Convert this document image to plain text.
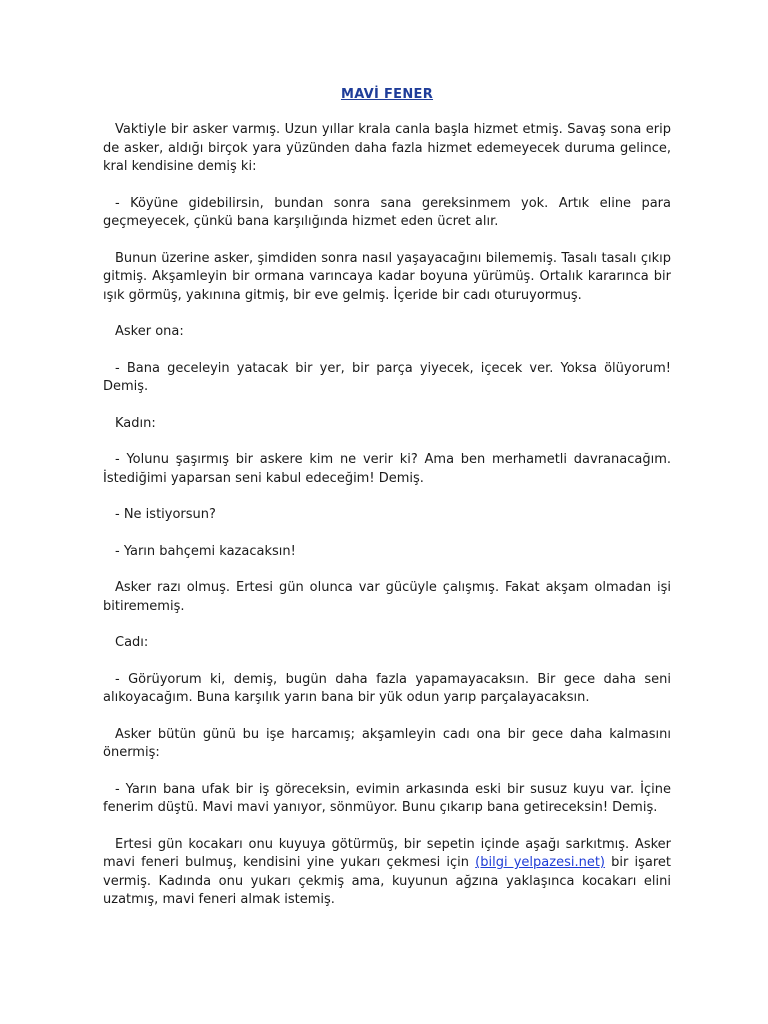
MAVİ FENER

Vaktiyle bir asker varmış. Uzun yıllar krala canla başla hizmet etmiş. Savaş sona erip de asker, aldığı birçok yara yüzünden daha fazla hizmet edemeyecek duruma gelince, kral kendisine demiş ki:

- Köyüne gidebilirsin, bundan sonra sana gereksinmem yok. Artık eline para geçmeyecek, çünkü bana karşılığında hizmet eden ücret alır.

Bunun üzerine asker, şimdiden sonra nasıl yaşayacağını bilememiş. Tasalı tasalı çıkıp gitmiş. Akşamleyin bir ormana varıncaya kadar boyuna yürümüş. Ortalık kararınca bir ışık görmüş, yakınına gitmiş, bir eve gelmiş. İçeride bir cadı oturuyormuş.

Asker ona:

- Bana geceleyin yatacak bir yer, bir parça yiyecek, içecek ver. Yoksa ölüyorum! Demiş.

Kadın:

- Yolunu şaşırmış bir askere kim ne verir ki? Ama ben merhametli davranacağım. İstediğimi yaparsan seni kabul edeceğim! Demiş.

- Ne istiyorsun?

- Yarın bahçemi kazacaksın!

Asker razı olmuş. Ertesi gün olunca var gücüyle çalışmış. Fakat akşam olmadan işi bitirememiş.

Cadı:

- Görüyorum ki, demiş, bugün daha fazla yapamayacaksın. Bir gece daha seni alıkoyacağım. Buna karşılık yarın bana bir yük odun yarıp parçalayacaksın.

Asker bütün günü bu işe harcamış; akşamleyin cadı ona bir gece daha kalmasını önermiş:

- Yarın bana ufak bir iş göreceksin, evimin arkasında eski bir susuz kuyu var. İçine fenerim düştü. Mavi mavi yanıyor, sönmüyor. Bunu çıkarıp bana getireceksin! Demiş.

Ertesi gün kocakarı onu kuyuya götürmüş, bir sepetin içinde aşağı sarkıtmış. Asker mavi feneri bulmuş, kendisini yine yukarı çekmesi için (bilgi yelpazesi.net) bir işaret vermiş. Kadında onu yukarı çekmiş ama, kuyunun ağzına yaklaşınca kocakarı elini uzatmış, mavi feneri almak istemiş.
